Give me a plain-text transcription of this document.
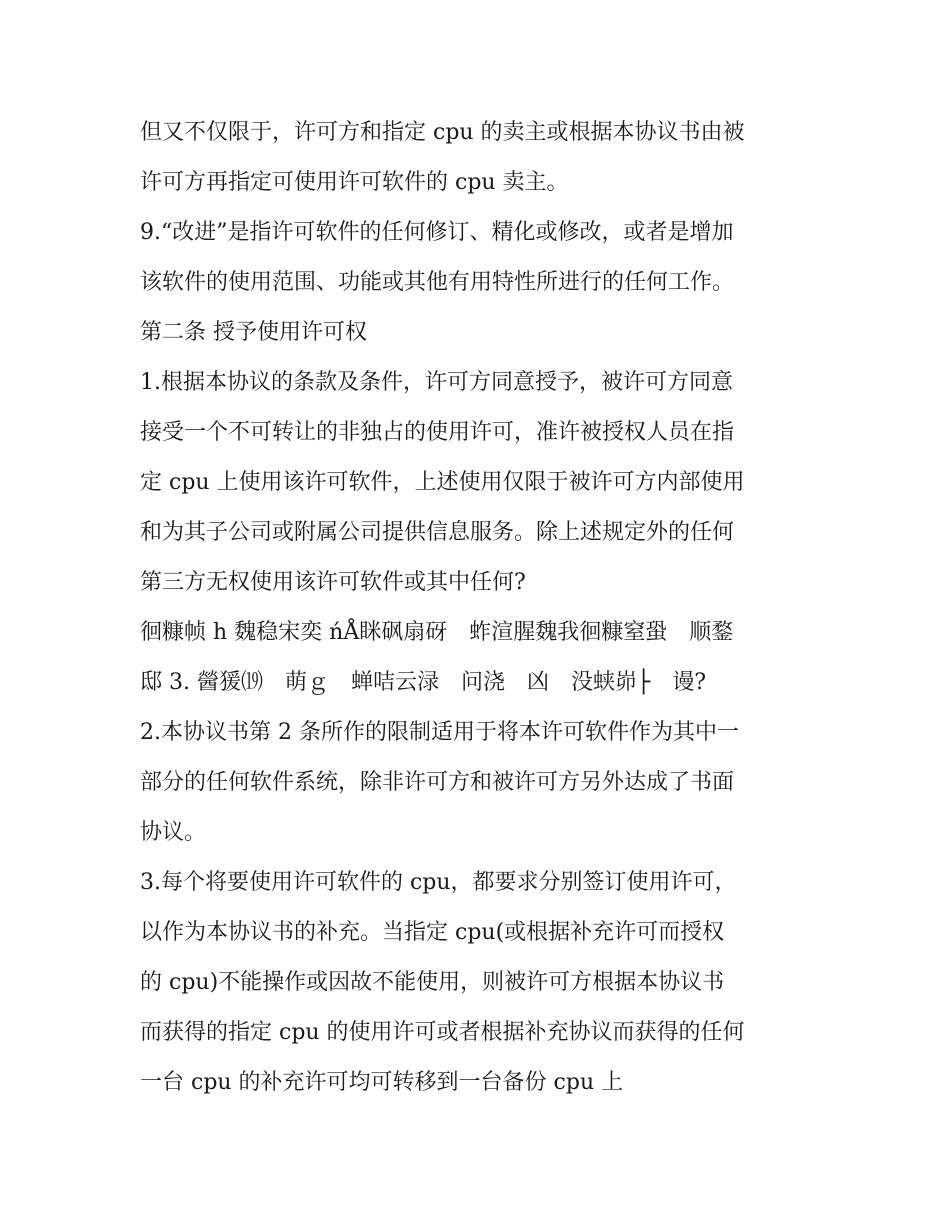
但又不仅限于，许可方和指定 cpu 的卖主或根据本协议书由被
许可方再指定可使用许可软件的 cpu 卖主。
9.“改进”是指许可软件的任何修订、精化或修改，或者是增加
该软件的使用范围、功能或其他有用特性所进行的任何工作。
第二条 授予使用许可权
1.根据本协议的条款及条件，许可方同意授予，被许可方同意
接受一个不可转让的非独占的使用许可，准许被授权人员在指
定 cpu 上使用该许可软件，上述使用仅限于被许可方内部使用
和为其子公司或附属公司提供信息服务。除上述规定外的任何
第三方无权使用该许可软件或其中任何?
徊糠帧 h 魏稳宋奕 ńÅ眯砜扇砑　蚱渲腥魏我徊糠窒蛩　顺鍪
邸 3. 醟猨⒆　萌ｇ　蝉咭云渌　问浇　凶　没蛱峁├　谩?
2.本协议书第 2 条所作的限制适用于将本许可软件作为其中一
部分的任何软件系统，除非许可方和被许可方另外达成了书面
协议。
3.每个将要使用许可软件的 cpu，都要求分别签订使用许可，
以作为本协议书的补充。当指定 cpu(或根据补充许可而授权
的 cpu)不能操作或因故不能使用，则被许可方根据本协议书
而获得的指定 cpu 的使用许可或者根据补充协议而获得的任何
一台 cpu 的补充许可均可转移到一台备份 cpu 上
